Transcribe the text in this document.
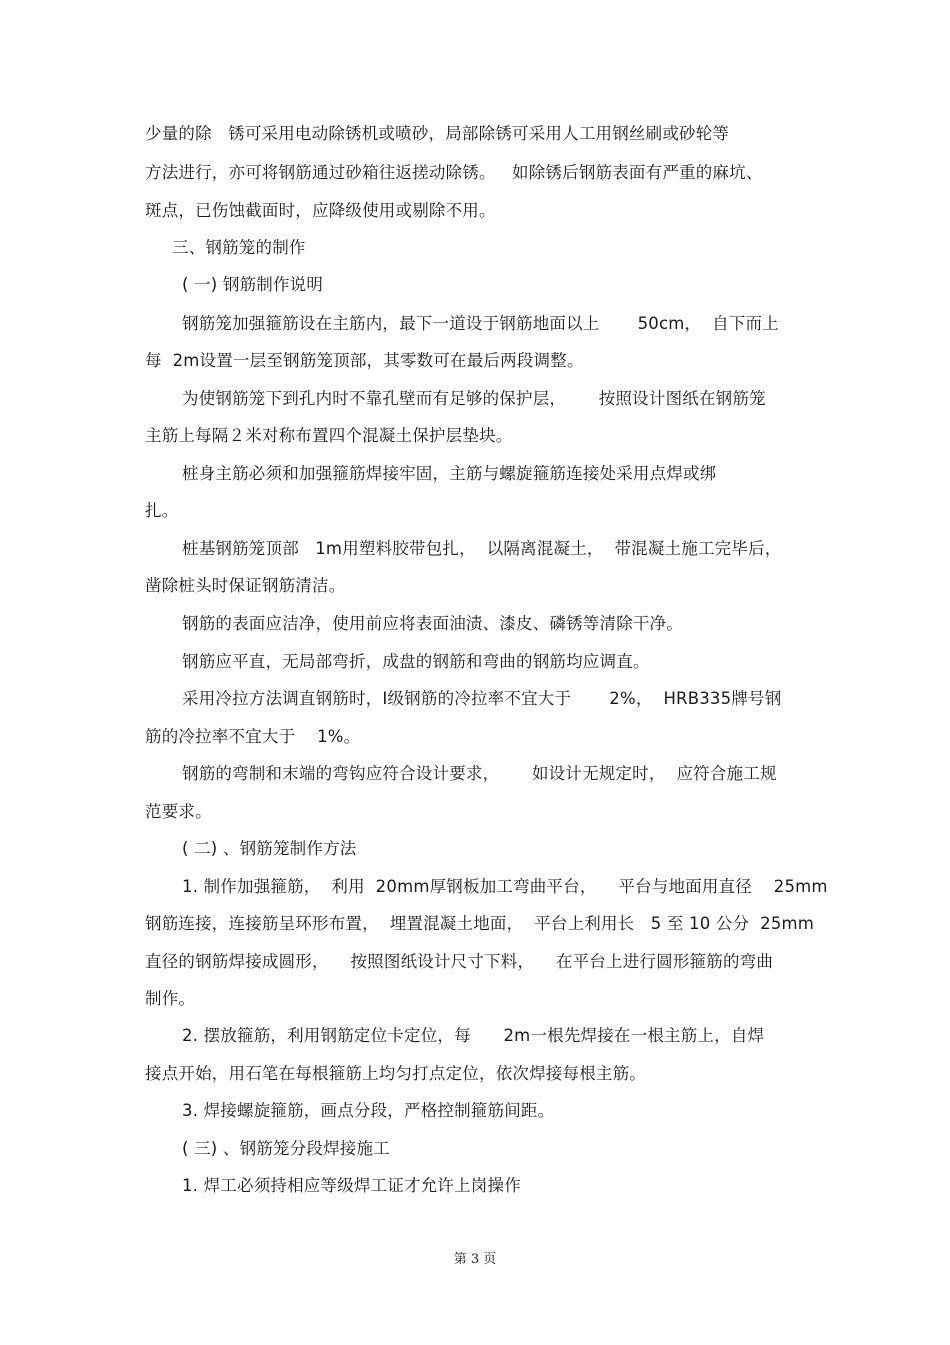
少量的除   锈可采用电动除锈机或喷砂，局部除锈可采用人工用钢丝刷或砂轮等
方法进行，亦可将钢筋通过砂箱往返搓动除锈。   如除锈后钢筋表面有严重的麻坑、
斑点，已伤蚀截面时，应降级使用或剔除不用。
三、钢筋笼的制作
( 一) 钢筋制作说明
钢筋笼加强箍筋设在主筋内，最下一道设于钢筋地面以上       50cm，  自下而上
每  2m设置一层至钢筋笼顶部，其零数可在最后两段调整。
为使钢筋笼下到孔内时不靠孔壁而有足够的保护层，      按照设计图纸在钢筋笼
主筋上每隔２米对称布置四个混凝土保护层垫块。
桩身主筋必须和加强箍筋焊接牢固，主筋与螺旋箍筋连接处采用点焊或绑
扎。
桩基钢筋笼顶部   1m用塑料胶带包扎，  以隔离混凝土，  带混凝土施工完毕后，
凿除桩头时保证钢筋清洁。
钢筋的表面应洁净，使用前应将表面油渍、漆皮、磷锈等清除干净。
钢筋应平直，无局部弯折，成盘的钢筋和弯曲的钢筋均应调直。
采用冷拉方法调直钢筋时，Ⅰ级钢筋的冷拉率不宜大于       2%，  HRB335牌号钢
筋的冷拉率不宜大于    1%。
钢筋的弯制和末端的弯钩应符合设计要求，      如设计无规定时，  应符合施工规
范要求。
( 二) 、钢筋笼制作方法
1. 制作加强箍筋，  利用  20mm厚钢板加工弯曲平台，    平台与地面用直径    25mm
钢筋连接，连接筋呈环形布置，  埋置混凝土地面，  平台上利用长   5 至 10 公分  25mm
直径的钢筋焊接成圆形，    按照图纸设计尺寸下料，    在平台上进行圆形箍筋的弯曲
制作。
2. 摆放箍筋，利用钢筋定位卡定位，每      2m一根先焊接在一根主筋上，自焊
接点开始，用石笔在每根箍筋上均匀打点定位，依次焊接每根主筋。
3. 焊接螺旋箍筋，画点分段，严格控制箍筋间距。
( 三) 、钢筋笼分段焊接施工
1. 焊工必须持相应等级焊工证才允许上岗操作
第 3 页
